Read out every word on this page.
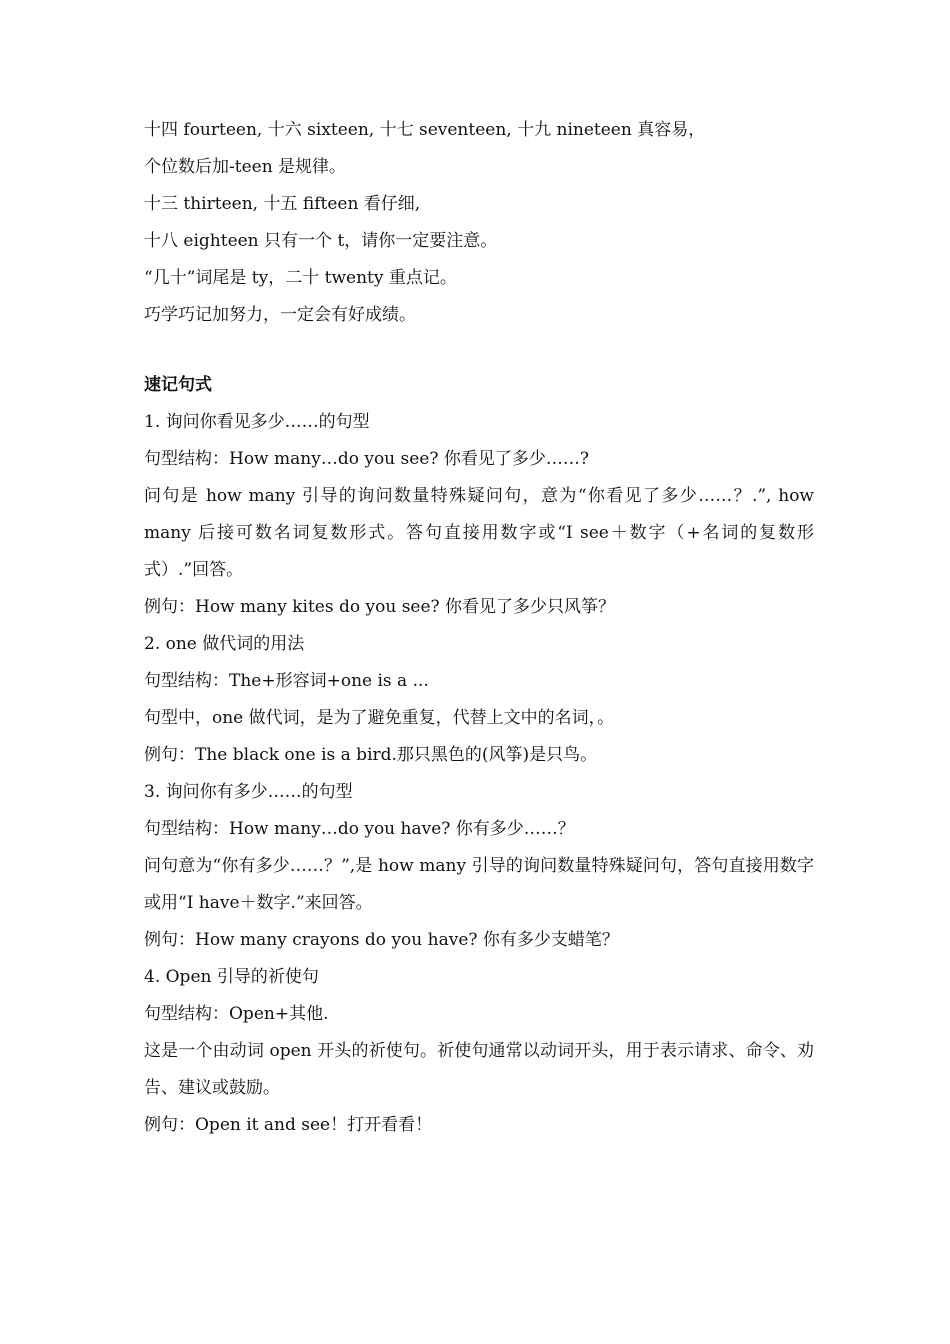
十四 fourteen, 十六 sixteen, 十七 seventeen, 十九 nineteen 真容易，
个位数后加-teen 是规律。
十三 thirteen, 十五 fifteen 看仔细,
十八 eighteen 只有一个 t，请你一定要注意。
“几十”词尾是 ty，二十 twenty 重点记。
巧学巧记加努力，一定会有好成绩。
速记句式
1. 询问你看见多少……的句型
句型结构：How many…do you see? 你看见了多少……?
问句是 how many 引导的询问数量特殊疑问句，意为“你看见了多少……？.”, how many 后接可数名词复数形式。答句直接用数字或“I see＋数字（+名词的复数形式）.”回答。
例句：How many kites do you see? 你看见了多少只风筝？
2. one 做代词的用法
句型结构：The+形容词+one is a ...
句型中，one 做代词，是为了避免重复，代替上文中的名词，。
例句：The black one is a bird.那只黑色的(风筝)是只鸟。
3. 询问你有多少……的句型
句型结构：How many…do you have? 你有多少……？
问句意为“你有多少……？”,是 how many 引导的询问数量特殊疑问句，答句直接用数字或用“I have＋数字.”来回答。
例句：How many crayons do you have? 你有多少支蜡笔？
4. Open 引导的祈使句
句型结构：Open+其他.
这是一个由动词 open 开头的祈使句。祈使句通常以动词开头，用于表示请求、命令、劝告、建议或鼓励。
例句：Open it and see！打开看看！
